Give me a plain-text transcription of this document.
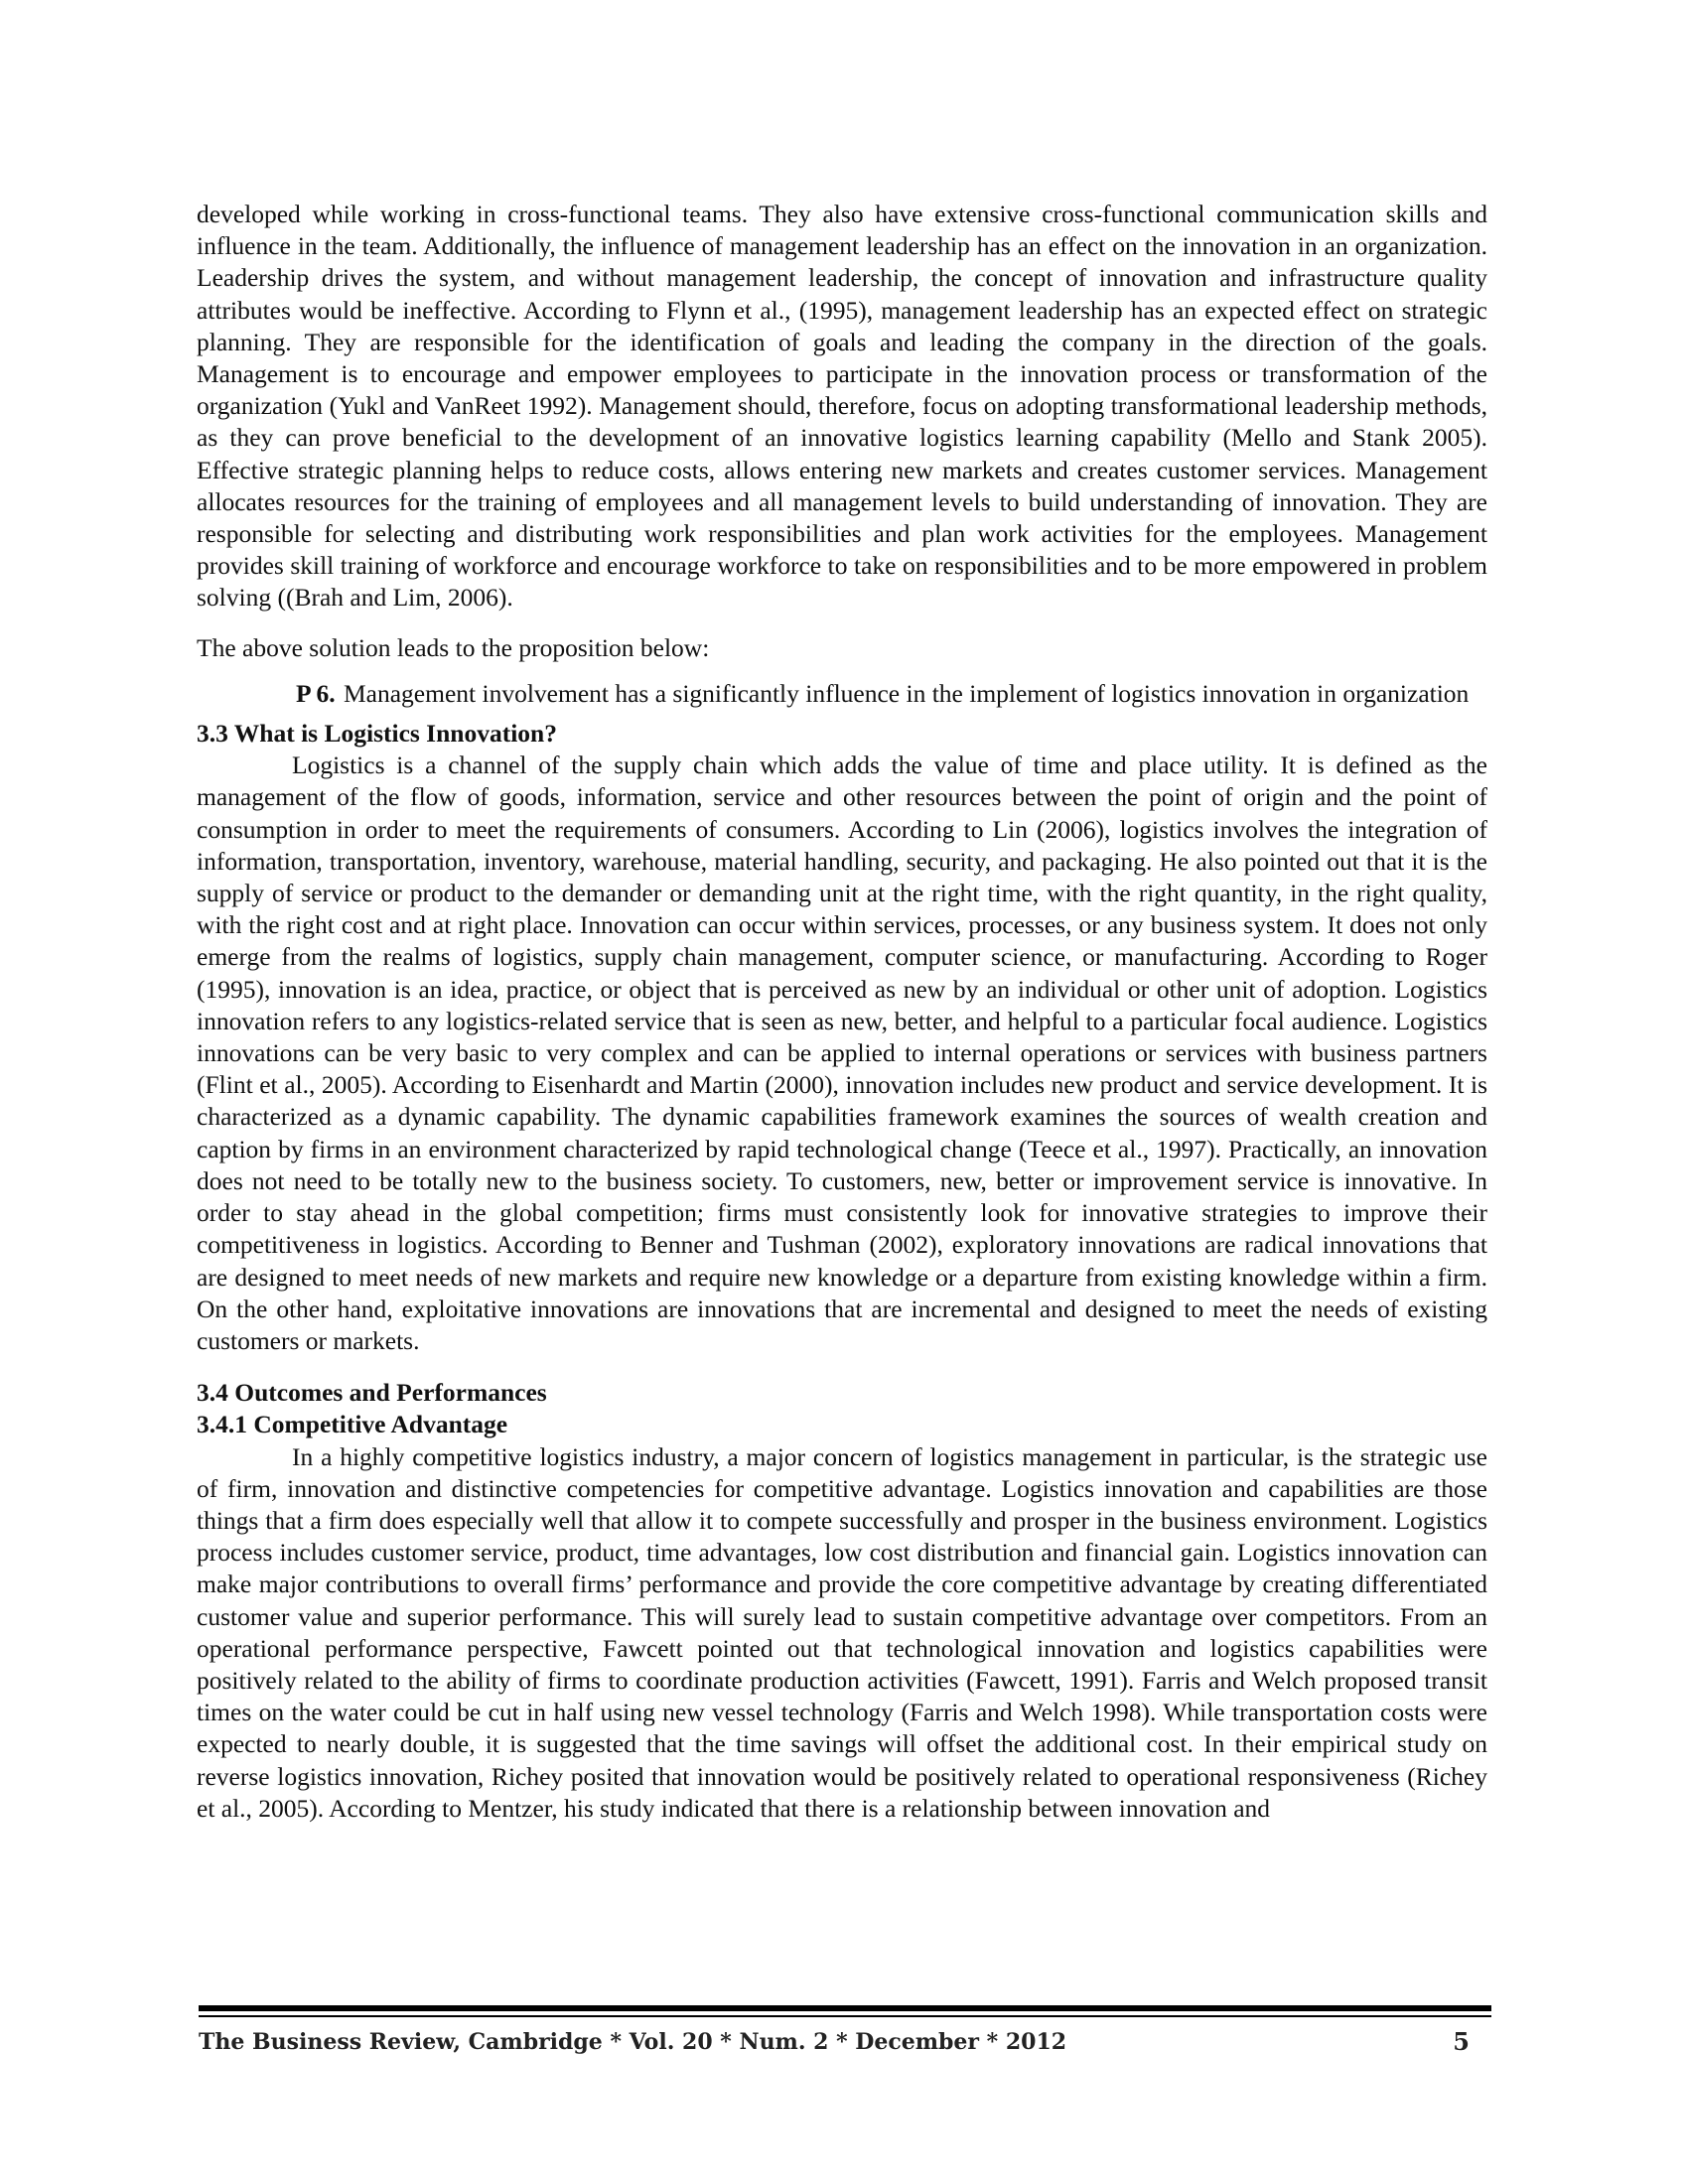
developed while working in cross-functional teams. They also have extensive cross-functional communication skills and influence in the team. Additionally, the influence of management leadership has an effect on the innovation in an organization. Leadership drives the system, and without management leadership, the concept of innovation and infrastructure quality attributes would be ineffective. According to Flynn et al., (1995), management leadership has an expected effect on strategic planning. They are responsible for the identification of goals and leading the company in the direction of the goals. Management is to encourage and empower employees to participate in the innovation process or transformation of the organization (Yukl and VanReet 1992). Management should, therefore, focus on adopting transformational leadership methods, as they can prove beneficial to the development of an innovative logistics learning capability (Mello and Stank 2005). Effective strategic planning helps to reduce costs, allows entering new markets and creates customer services. Management allocates resources for the training of employees and all management levels to build understanding of innovation. They are responsible for selecting and distributing work responsibilities and plan work activities for the employees. Management provides skill training of workforce and encourage workforce to take on responsibilities and to be more empowered in problem solving ((Brah and Lim, 2006).

The above solution leads to the proposition below:

P 6. Management involvement has a significantly influence in the implement of logistics innovation in organization

3.3 What is Logistics Innovation?

Logistics is a channel of the supply chain which adds the value of time and place utility. It is defined as the management of the flow of goods, information, service and other resources between the point of origin and the point of consumption in order to meet the requirements of consumers. According to Lin (2006), logistics involves the integration of information, transportation, inventory, warehouse, material handling, security, and packaging. He also pointed out that it is the supply of service or product to the demander or demanding unit at the right time, with the right quantity, in the right quality, with the right cost and at right place. Innovation can occur within services, processes, or any business system. It does not only emerge from the realms of logistics, supply chain management, computer science, or manufacturing. According to Roger (1995), innovation is an idea, practice, or object that is perceived as new by an individual or other unit of adoption. Logistics innovation refers to any logistics-related service that is seen as new, better, and helpful to a particular focal audience. Logistics innovations can be very basic to very complex and can be applied to internal operations or services with business partners (Flint et al., 2005). According to Eisenhardt and Martin (2000), innovation includes new product and service development. It is characterized as a dynamic capability. The dynamic capabilities framework examines the sources of wealth creation and caption by firms in an environment characterized by rapid technological change (Teece et al., 1997). Practically, an innovation does not need to be totally new to the business society. To customers, new, better or improvement service is innovative. In order to stay ahead in the global competition; firms must consistently look for innovative strategies to improve their competitiveness in logistics. According to Benner and Tushman (2002), exploratory innovations are radical innovations that are designed to meet needs of new markets and require new knowledge or a departure from existing knowledge within a firm. On the other hand, exploitative innovations are innovations that are incremental and designed to meet the needs of existing customers or markets.

3.4 Outcomes and Performances
3.4.1 Competitive Advantage

In a highly competitive logistics industry, a major concern of logistics management in particular, is the strategic use of firm, innovation and distinctive competencies for competitive advantage. Logistics innovation and capabilities are those things that a firm does especially well that allow it to compete successfully and prosper in the business environment. Logistics process includes customer service, product, time advantages, low cost distribution and financial gain. Logistics innovation can make major contributions to overall firms’ performance and provide the core competitive advantage by creating differentiated customer value and superior performance. This will surely lead to sustain competitive advantage over competitors. From an operational performance perspective, Fawcett pointed out that technological innovation and logistics capabilities were positively related to the ability of firms to coordinate production activities (Fawcett, 1991). Farris and Welch proposed transit times on the water could be cut in half using new vessel technology (Farris and Welch 1998). While transportation costs were expected to nearly double, it is suggested that the time savings will offset the additional cost. In their empirical study on reverse logistics innovation, Richey posited that innovation would be positively related to operational responsiveness (Richey et al., 2005). According to Mentzer, his study indicated that there is a relationship between innovation and

The Business Review, Cambridge * Vol. 20 * Num. 2 * December * 2012	5
